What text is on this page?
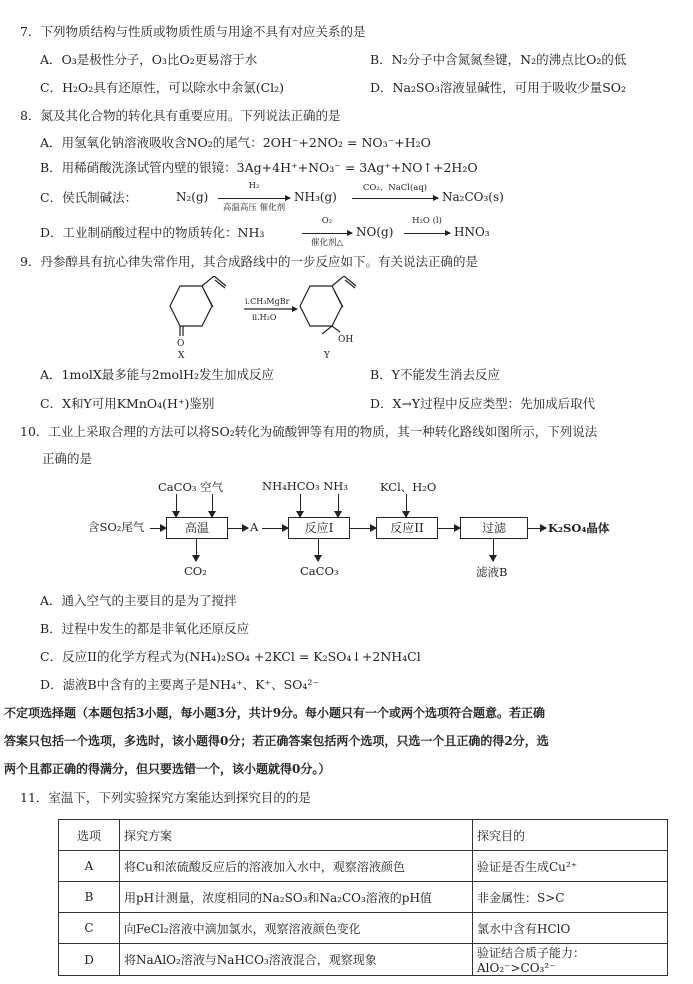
7．下列物质结构与性质或物质性质与用途不具有对应关系的是
A．O₃是极性分子，O₃比O₂更易溶于水	B．N₂分子中含氮氮叁键，N₂的沸点比O₂的低
C．H₂O₂具有还原性，可以除水中余氯(Cl₂)	D．Na₂SO₃溶液显碱性，可用于吸收少量SO₂
8．氮及其化合物的转化具有重要应用。下列说法正确的是
A．用氢氧化钠溶液吸收含NO₂的尾气：2OH⁻+2NO₂ = NO₃⁻+H₂O
B．用稀硝酸洗涤试管内壁的银镜：3Ag+4H⁺+NO₃⁻ = 3Ag⁺+NO↑+2H₂O
C．侯氏制碱法：	N₂(g)
H₂
高温高压 催化剂
NH₃(g)
CO₂、NaCl(aq)
Na₂CO₃(s)
D．工业制硝酸过程中的物质转化：NH₃
O₂
催化剂△
NO(g)
H₂O (l)
HNO₃
9．丹参醇具有抗心律失常作用，其合成路线中的一步反应如下。有关说法正确的是
O
X
i.CH₃MgBr
ii.H₂O
OH
Y
A．1molX最多能与2molH₂发生加成反应	B．Y不能发生消去反应
C．X和Y可用KMnO₄(H⁺)鉴别	D．X→Y过程中反应类型：先加成后取代
10．工业上采取合理的方法可以将SO₂转化为硫酸钾等有用的物质，其一种转化路线如图所示，下列说法
正确的是
含SO₂尾气	高温
CaCO₃ 空气
CO₂
A	反应I
NH₄HCO₃ NH₃
CaCO₃
反应II
KCl、H₂O
过滤
滤液B
K₂SO₄晶体
A．通入空气的主要目的是为了搅拌
B．过程中发生的都是非氧化还原反应
C．反应II的化学方程式为(NH₄)₂SO₄ +2KCl = K₂SO₄↓+2NH₄Cl
D．滤液B中含有的主要离子是NH₄⁺、K⁺、SO₄²⁻
不定项选择题（本题包括3小题，每小题3分，共计9分。每小题只有一个或两个选项符合题意。若正确
答案只包括一个选项，多选时，该小题得0分；若正确答案包括两个选项，只选一个且正确的得2分，选
两个且都正确的得满分，但只要选错一个，该小题就得0分。）
11．室温下，下列实验探究方案能达到探究目的的是
选项	探究方案	探究目的
A	将Cu和浓硫酸反应后的溶液加入水中，观察溶液颜色	验证是否生成Cu²⁺
B	用pH计测量，浓度相同的Na₂SO₃和Na₂CO₃溶液的pH值	非金属性：S>C
C	向FeCl₂溶液中滴加氯水，观察溶液颜色变化	氯水中含有HClO
D	将NaAlO₂溶液与NaHCO₃溶液混合，观察现象	验证结合质子能力：AlO₂⁻>CO₃²⁻
